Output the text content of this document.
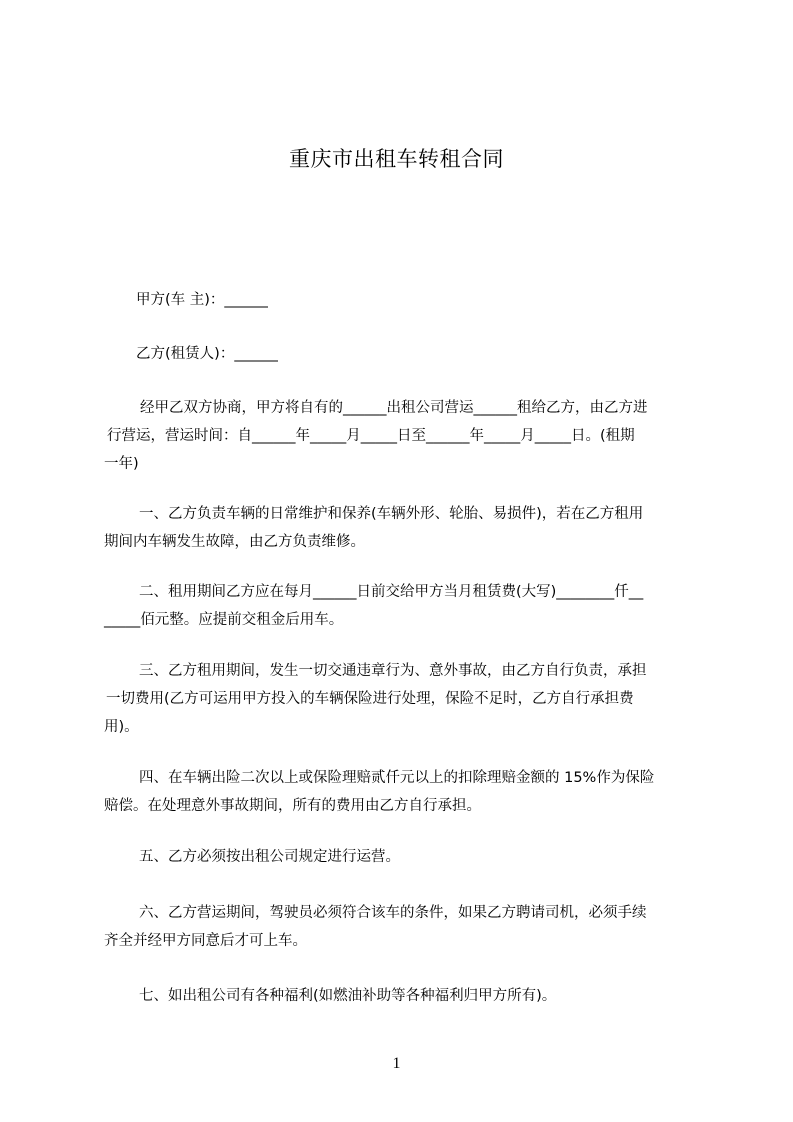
重庆市出租车转租合同
甲方(车 主)：______
乙方(租赁人)：______
经甲乙双方协商，甲方将自有的______出租公司营运______租给乙方，由乙方进
行营运，营运时间：自______年_____月_____日至______年_____月_____日。(租期
一年)
一、乙方负责车辆的日常维护和保养(车辆外形、轮胎、易损件)，若在乙方租用
期间内车辆发生故障，由乙方负责维修。
二、租用期间乙方应在每月______日前交给甲方当月租赁费(大写)________仟__
_____佰元整。应提前交租金后用车。
三、乙方租用期间，发生一切交通违章行为、意外事故，由乙方自行负责，承担
一切费用(乙方可运用甲方投入的车辆保险进行处理，保险不足时，乙方自行承担费
用)。
四、在车辆出险二次以上或保险理赔贰仟元以上的扣除理赔金额的 15%作为保险
赔偿。在处理意外事故期间，所有的费用由乙方自行承担。
五、乙方必须按出租公司规定进行运营。
六、乙方营运期间，驾驶员必须符合该车的条件，如果乙方聘请司机，必须手续
齐全并经甲方同意后才可上车。
七、如出租公司有各种福利(如燃油补助等各种福利归甲方所有)。
1
